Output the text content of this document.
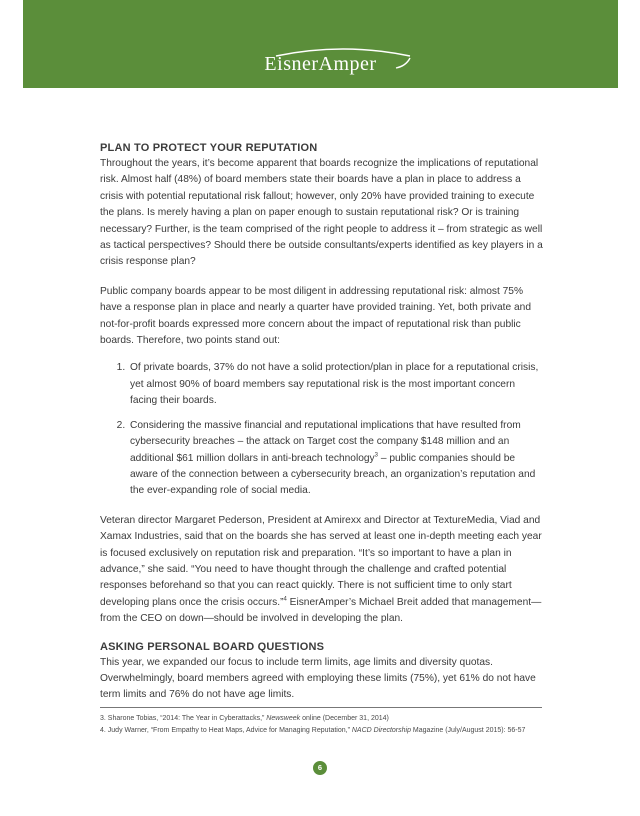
EisnerAmper
PLAN TO PROTECT YOUR REPUTATION

Throughout the years, it’s become apparent that boards recognize the implications of reputational risk. Almost half (48%) of board members state their boards have a plan in place to address a crisis with potential reputational risk fallout; however, only 20% have provided training to execute the plans. Is merely having a plan on paper enough to sustain reputational risk? Or is training necessary? Further, is the team comprised of the right people to address it – from strategic as well as tactical perspectives? Should there be outside consultants/experts identified as key players in a crisis response plan?

Public company boards appear to be most diligent in addressing reputational risk: almost 75% have a response plan in place and nearly a quarter have provided training. Yet, both private and not-for-profit boards expressed more concern about the impact of reputational risk than public boards. Therefore, two points stand out:

1. Of private boards, 37% do not have a solid protection/plan in place for a reputational crisis, yet almost 90% of board members say reputational risk is the most important concern facing their boards.
2. Considering the massive financial and reputational implications that have resulted from cybersecurity breaches – the attack on Target cost the company $148 million and an additional $61 million dollars in anti-breach technology$^3$ – public companies should be aware of the connection between a cybersecurity breach, an organization’s reputation and the ever-expanding role of social media.

Veteran director Margaret Pederson, President at Amirexx and Director at TextureMedia, Viad and Xamax Industries, said that on the boards she has served at least one in-depth meeting each year is focused exclusively on reputation risk and preparation. “It’s so important to have a plan in advance,” she said. “You need to have thought through the challenge and crafted potential responses beforehand so that you can react quickly. There is not sufficient time to only start developing plans once the crisis occurs.”$^4$ EisnerAmper’s Michael Breit added that management—from the CEO on down—should be involved in developing the plan.

ASKING PERSONAL BOARD QUESTIONS

This year, we expanded our focus to include term limits, age limits and diversity quotas. Overwhelmingly, board members agreed with employing these limits (75%), yet 61% do not have term limits and 76% do not have age limits.

3. Sharone Tobias, “2014: The Year in Cyberattacks,” Newsweek online (December 31, 2014)
4. Judy Warner, “From Empathy to Heat Maps, Advice for Managing Reputation,” NACD Directorship Magazine (July/August 2015): 56-57
6
